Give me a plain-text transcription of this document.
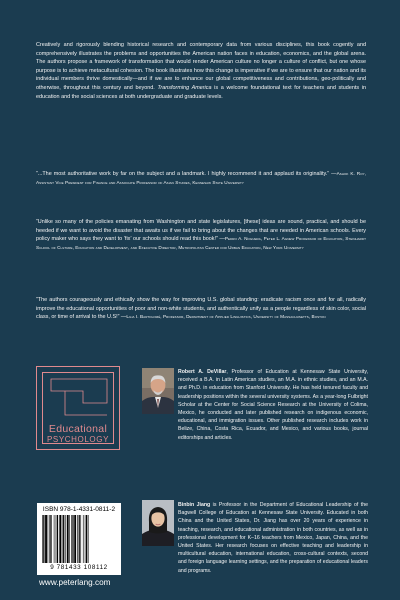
Creatively and rigorously blending historical research and contemporary data from various disciplines, this book cogently and comprehensively illustrates the problems and opportunities the American nation faces in education, economics, and the global arena. The authors propose a framework of transformation that would render American culture no longer a culture of conflict, but one whose purpose is to achieve metacultural cohesion. The book illustrates how this change is imperative if we are to ensure that our nation and its individual members thrive domestically—and if we are to enhance our global competitiveness and contributions, geo-politically and otherwise, throughout this century and beyond. Transforming America is a welcome foundational text for teachers and students in education and the social sciences at both undergraduate and graduate levels.

“...The most authoritative work by far on the subject and a landmark. I highly recommend it and applaud its originality.” —Ashok K. Roy, Assistant Vice President for Finance and Associate Professor of Asian Studies, Kennesaw State University

“Unlike so many of the policies emanating from Washington and state legislatures, [these] ideas are sound, practical, and should be heeded if we want to avoid the disaster that awaits us if we fail to bring about the changes that are needed in American schools. Every policy maker who says they want to ‘fix’ our schools should read this book!” —Pedro A. Noguera, Peter L. Agnew Professor of Education, Steinhardt School of Culture, Education and Development, and Executive Director, Metropolitan Center for Urban Education, New York University

“The authors courageously and ethically show the way for improving U.S. global standing: eradicate racism once and for all, radically improve the educational opportunities of poor and non-white students, and authentically unify as a people regardless of skin color, social class, or time of arrival to the U.S!” —Lilia I. Bartolomé, Professor, Department of Applied Linguistics, University of Massachusetts, Boston

Educational
PSYCHOLOGY

Robert A. DeVillar, Professor of Education at Kennesaw State University, received a B.A. in Latin American studies, an M.A. in ethnic studies, and an M.A. and Ph.D. in education from Stanford University. He has held tenured faculty and leadership positions within the several university systems. As a year-long Fulbright Scholar at the Center for Social Science Research at the University of Colima, Mexico, he conducted and later published research on indigenous economic, educational, and immigration issues. Other published research includes work in Belize, China, Costa Rica, Ecuador, and Mexico, and various books, journal editorships and articles.

Binbin Jiang is Professor in the Department of Educational Leadership of the Bagwell College of Education at Kennesaw State University. Educated in both China and the United States, Dr. Jiang has over 20 years of experience in teaching, research, and educational administration in both countries, as well as in professional development for K–16 teachers from Mexico, Japan, China, and the United States. Her research focuses on effective teaching and leadership in multicultural education, international education, cross-cultural contexts, second and foreign language learning settings, and the preparation of educational leaders and programs.

ISBN 978-1-4331-0811-2
9 781433 108112
www.peterlang.com
